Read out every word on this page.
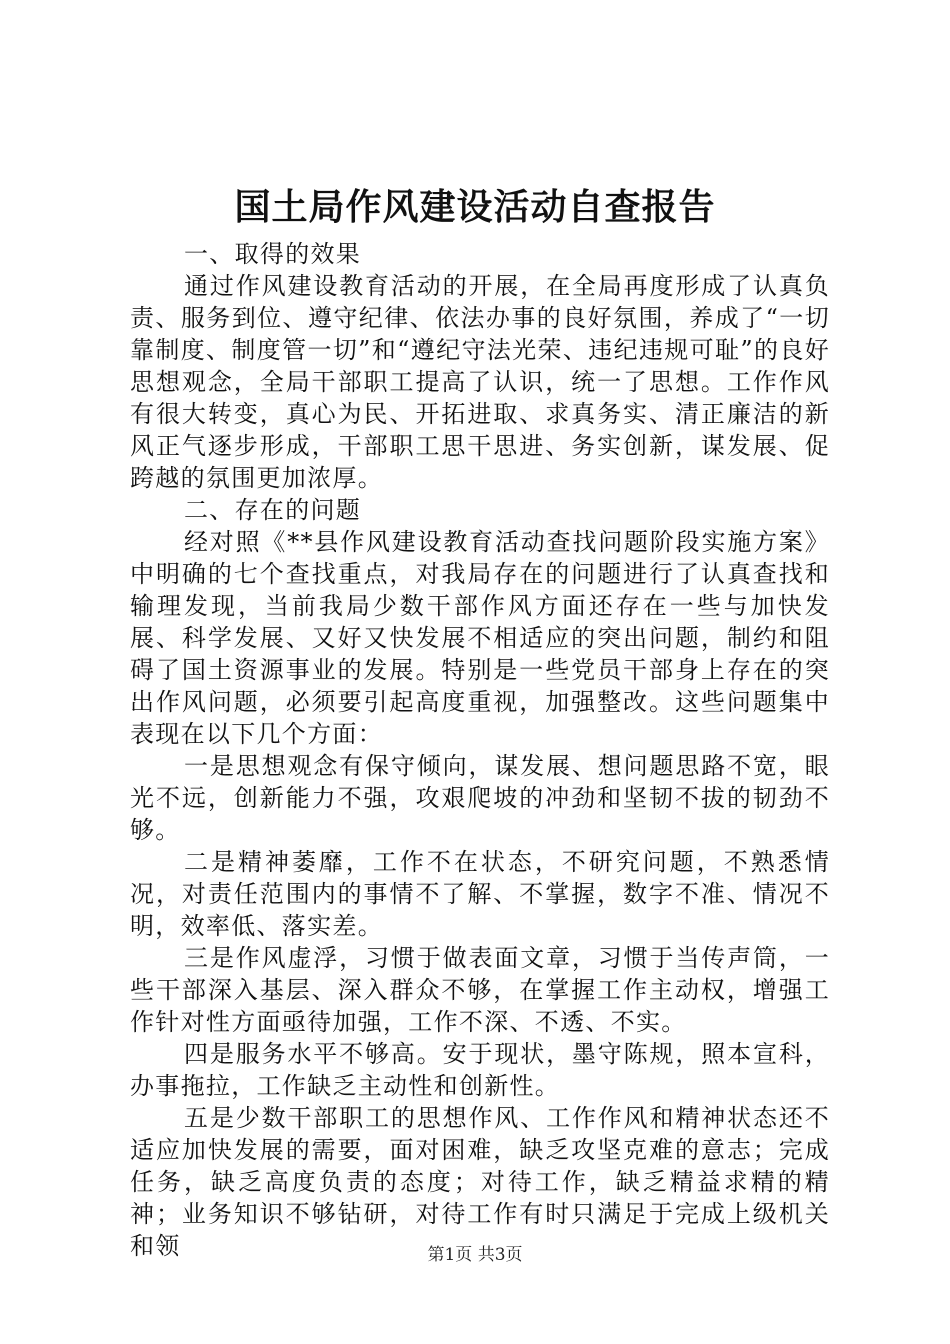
国土局作风建设活动自查报告

一、取得的效果

通过作风建设教育活动的开展，在全局再度形成了认真负责、服务到位、遵守纪律、依法办事的良好氛围，养成了“一切靠制度、制度管一切”和“遵纪守法光荣、违纪违规可耻”的良好思想观念，全局干部职工提高了认识，统一了思想。工作作风有很大转变，真心为民、开拓进取、求真务实、清正廉洁的新风正气逐步形成，干部职工思干思进、务实创新，谋发展、促跨越的氛围更加浓厚。

二、存在的问题

经对照《**县作风建设教育活动查找问题阶段实施方案》中明确的七个查找重点，对我局存在的问题进行了认真查找和输理发现，当前我局少数干部作风方面还存在一些与加快发展、科学发展、又好又快发展不相适应的突出问题，制约和阻碍了国土资源事业的发展。特别是一些党员干部身上存在的突出作风问题，必须要引起高度重视，加强整改。这些问题集中表现在以下几个方面：

一是思想观念有保守倾向，谋发展、想问题思路不宽，眼光不远，创新能力不强，攻艰爬坡的冲劲和坚韧不拔的韧劲不够。

二是精神萎靡，工作不在状态，不研究问题，不熟悉情况，对责任范围内的事情不了解、不掌握，数字不准、情况不明，效率低、落实差。

三是作风虚浮，习惯于做表面文章，习惯于当传声筒，一些干部深入基层、深入群众不够，在掌握工作主动权，增强工作针对性方面亟待加强，工作不深、不透、不实。

四是服务水平不够高。安于现状，墨守陈规，照本宣科，办事拖拉，工作缺乏主动性和创新性。

五是少数干部职工的思想作风、工作作风和精神状态还不适应加快发展的需要，面对困难，缺乏攻坚克难的意志；完成任务，缺乏高度负责的态度；对待工作，缺乏精益求精的精神；业务知识不够钻研，对待工作有时只满足于完成上级机关和领	第1页 共3页
